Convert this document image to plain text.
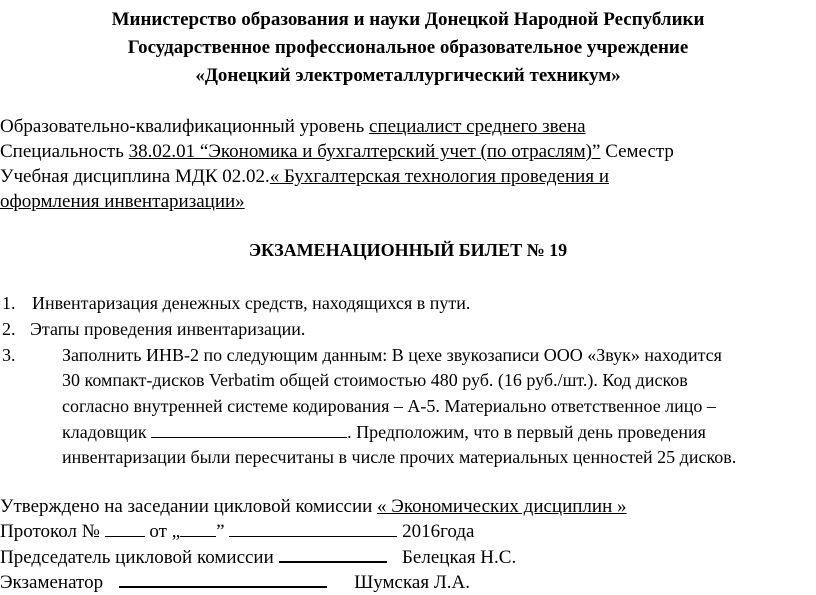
Министерство образования и науки Донецкой Народной Республики
Государственное профессиональное образовательное учреждение
«Донецкий электрометаллургический техникум»
Образовательно-квалификационный уровень специалист среднего звена
Специальность 38.02.01 “Экономика и бухгалтерский учет (по отраслям)” Семестр
Учебная дисциплина МДК 02.02.« Бухгалтерская технология проведения и
оформления инвентаризации»
ЭКЗАМЕНАЦИОННЫЙ БИЛЕТ № 19
1. Инвентаризация денежных средств, находящихся в пути.
2. Этапы проведения инвентаризации.
3.	Заполнить ИНВ-2 по следующим данным: В цехе звукозаписи ООО «Звук» находится
30 компакт-дисков Verbatim общей стоимостью 480 руб. (16 руб./шт.). Код дисков
согласно внутренней системе кодирования – А-5. Материально ответственное лицо –
кладовщик	. Предположим, что в первый день проведения
инвентаризации были пересчитаны в числе прочих материальных ценностей 25 дисков.
Утверждено на заседании цикловой комиссии « Экономических дисциплин »
Протокол №	от „ ”	2016года
Председатель цикловой комиссии	Белецкая Н.С.
Экзаменатор	Шумская Л.А.
